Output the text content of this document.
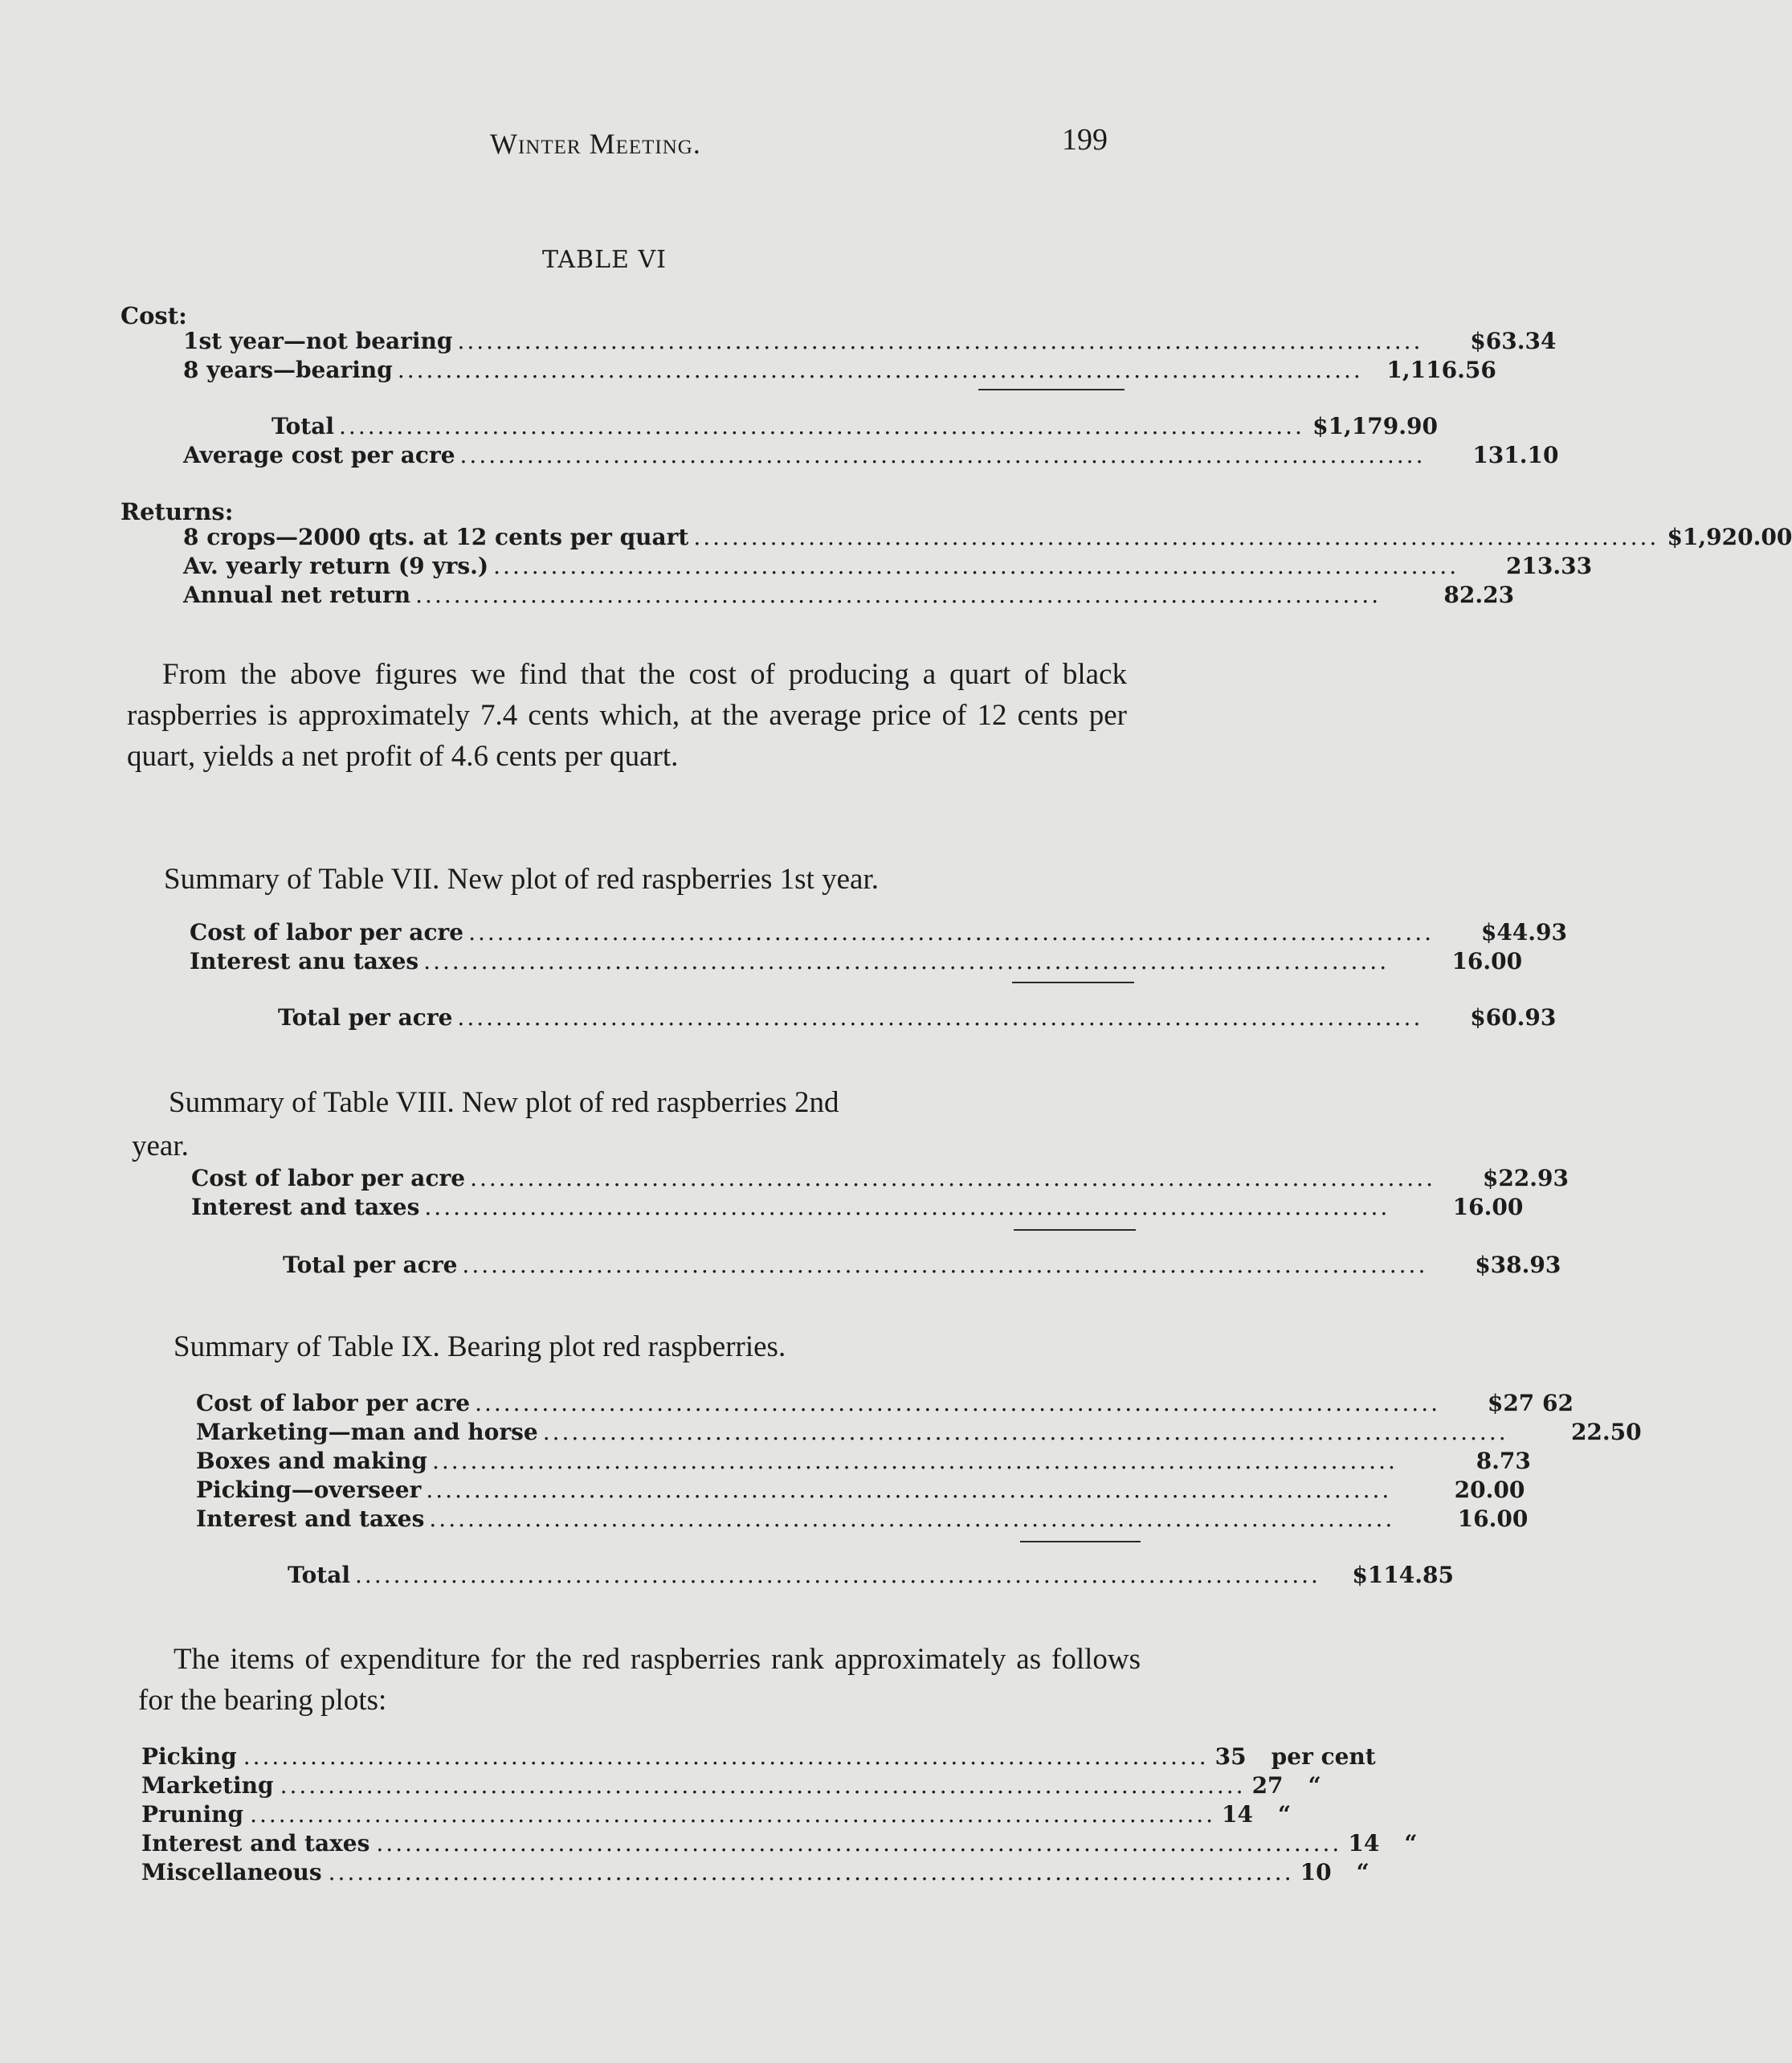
Winter Meeting.	199
TABLE VI
Cost:
1st year—not bearing .....................................................................................................	$63.34
8 years—bearing .....................................................................................................	1,116.56
Total ..................................................................................................... $1,179.90
Average cost per acre .....................................................................................................	131.10
Returns:
8 crops—2000 qts. at 12 cents per quart ..................................................................................................... $1,920.00
Av. yearly return (9 yrs.) .....................................................................................................	213.33
Annual net return .....................................................................................................	82.23
From the above figures we find that the cost of producing a quart of black raspberries is approximately 7.4 cents which, at the average price of 12 cents per quart, yields a net profit of 4.6 cents per quart.
Summary of Table VII. New plot of red raspberries 1st year.
Cost of labor per acre .....................................................................................................	$44.93
Interest anu taxes .....................................................................................................	16.00
Total per acre .....................................................................................................	$60.93
Summary of Table VIII. New plot of red raspberries 2nd
year.
Cost of labor per acre .....................................................................................................	$22.93
Interest and taxes .....................................................................................................	16.00
Total per acre .....................................................................................................	$38.93
Summary of Table IX. Bearing plot red raspberries.
Cost of labor per acre .....................................................................................................	$27 62
Marketing—man and horse .....................................................................................................	22.50
Boxes and making .....................................................................................................	8.73
Picking—overseer .....................................................................................................	20.00
Interest and taxes .....................................................................................................	16.00
Total .....................................................................................................	$114.85
The items of expenditure for the red raspberries rank approximately as follows for the bearing plots:
Picking ..................................................................................................... 35	per cent
Marketing ..................................................................................................... 27	“
Pruning ..................................................................................................... 14	“
Interest and taxes ..................................................................................................... 14	“
Miscellaneous ..................................................................................................... 10	“
